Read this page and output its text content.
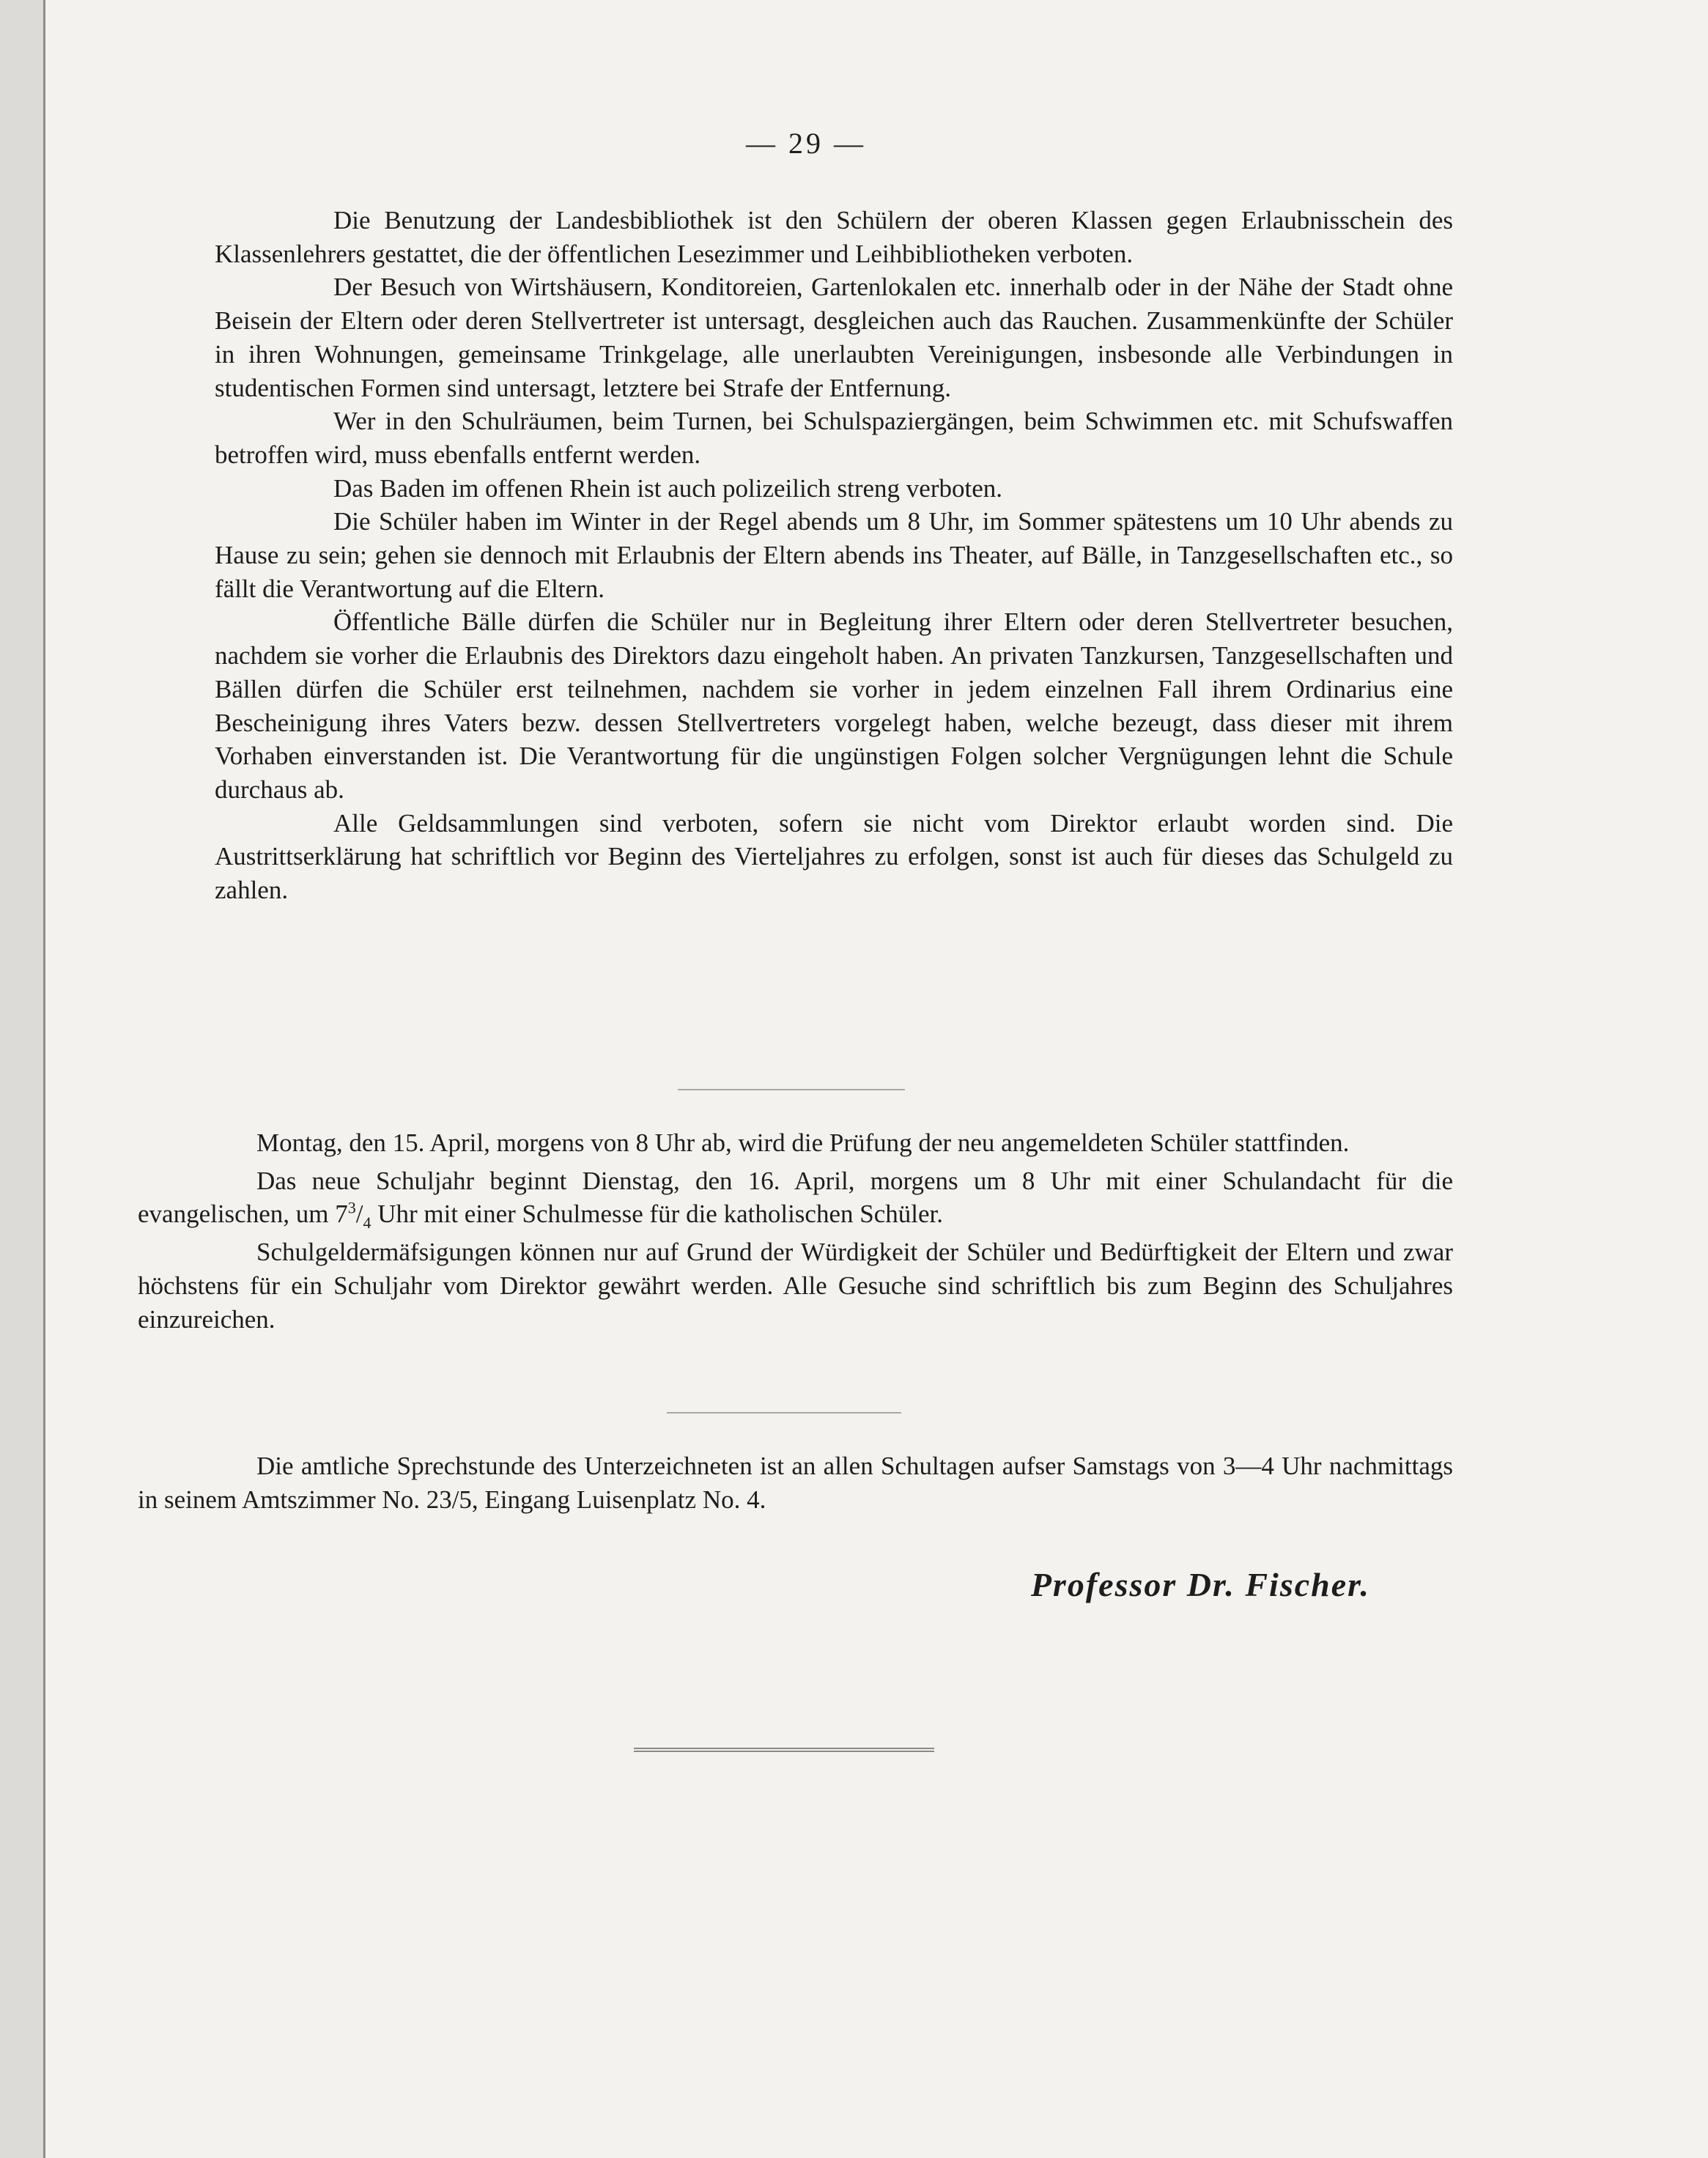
— 29 —

Die Benutzung der Landesbibliothek ist den Schülern der oberen Klassen gegen Erlaubnisschein des Klassenlehrers gestattet, die der öffentlichen Lesezimmer und Leihbibliotheken verboten.

Der Besuch von Wirtshäusern, Konditoreien, Gartenlokalen etc. innerhalb oder in der Nähe der Stadt ohne Beisein der Eltern oder deren Stellvertreter ist untersagt, desgleichen auch das Rauchen. Zusammenkünfte der Schüler in ihren Wohnungen, gemeinsame Trinkgelage, alle unerlaubten Vereinigungen, insbesonde alle Verbindungen in studentischen Formen sind untersagt, letztere bei Strafe der Entfernung.

Wer in den Schulräumen, beim Turnen, bei Schulspaziergängen, beim Schwimmen etc. mit Schufswaffen betroffen wird, muss ebenfalls entfernt werden.

Das Baden im offenen Rhein ist auch polizeilich streng verboten.

Die Schüler haben im Winter in der Regel abends um 8 Uhr, im Sommer spätestens um 10 Uhr abends zu Hause zu sein; gehen sie dennoch mit Erlaubnis der Eltern abends ins Theater, auf Bälle, in Tanzgesellschaften etc., so fällt die Verantwortung auf die Eltern.

Öffentliche Bälle dürfen die Schüler nur in Begleitung ihrer Eltern oder deren Stellvertreter besuchen, nachdem sie vorher die Erlaubnis des Direktors dazu eingeholt haben. An privaten Tanzkursen, Tanzgesellschaften und Bällen dürfen die Schüler erst teilnehmen, nachdem sie vorher in jedem einzelnen Fall ihrem Ordinarius eine Bescheinigung ihres Vaters bezw. dessen Stellvertreters vorgelegt haben, welche bezeugt, dass dieser mit ihrem Vorhaben einverstanden ist. Die Verantwortung für die ungünstigen Folgen solcher Vergnügungen lehnt die Schule durchaus ab.

Alle Geldsammlungen sind verboten, sofern sie nicht vom Direktor erlaubt worden sind. Die Austrittserklärung hat schriftlich vor Beginn des Vierteljahres zu erfolgen, sonst ist auch für dieses das Schulgeld zu zahlen.

Montag, den 15. April, morgens von 8 Uhr ab, wird die Prüfung der neu angemeldeten Schüler stattfinden.

Das neue Schuljahr beginnt Dienstag, den 16. April, morgens um 8 Uhr mit einer Schulandacht für die evangelischen, um $7^3/_4$ Uhr mit einer Schulmesse für die katholischen Schüler.

Schulgeldermäfsigungen können nur auf Grund der Würdigkeit der Schüler und Bedürftigkeit der Eltern und zwar höchstens für ein Schuljahr vom Direktor gewährt werden. Alle Gesuche sind schriftlich bis zum Beginn des Schuljahres einzureichen.

Die amtliche Sprechstunde des Unterzeichneten ist an allen Schultagen aufser Samstags von 3—4 Uhr nachmittags in seinem Amtszimmer No. 23/5, Eingang Luisenplatz No. 4.

Professor Dr. Fischer.
